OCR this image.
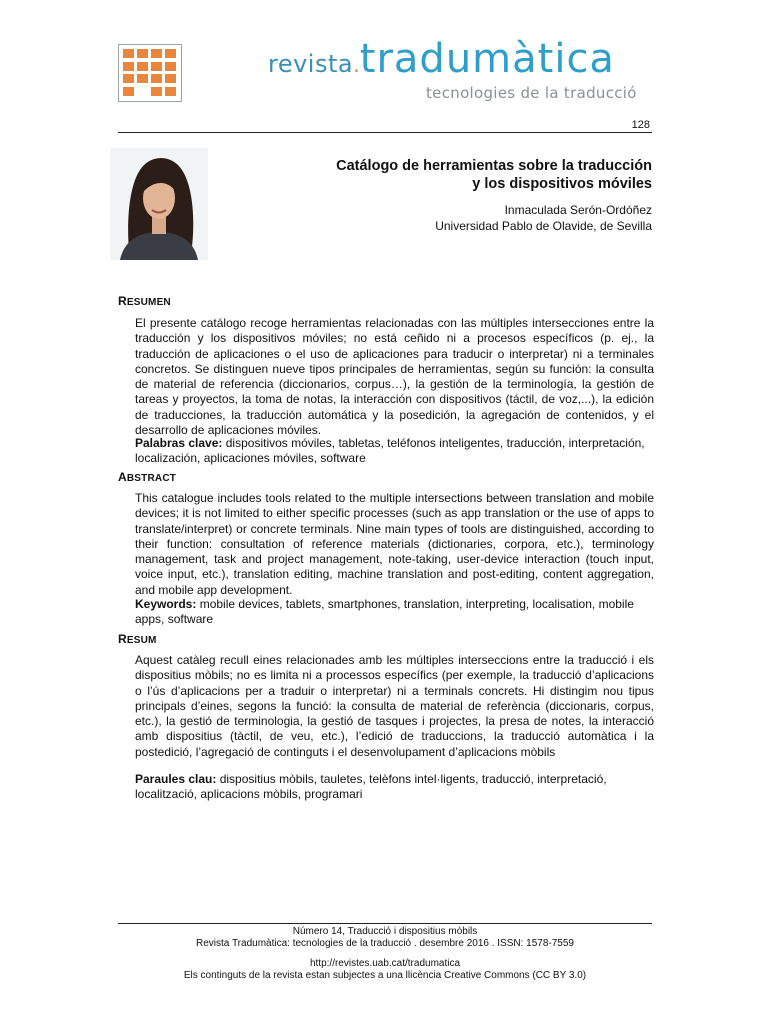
revista.tradumàtica
tecnologies de la traducció
128
Catálogo de herramientas sobre la traducción
y los dispositivos móviles
Inmaculada Serón-Ordóñez
Universidad Pablo de Olavide, de Sevilla
RESUMEN
El presente catálogo recoge herramientas relacionadas con las múltiples intersecciones entre la traducción y los dispositivos móviles; no está ceñido ni a procesos específicos (p. ej., la traducción de aplicaciones o el uso de aplicaciones para traducir o interpretar) ni a terminales concretos. Se distinguen nueve tipos principales de herramientas, según su función: la consulta de material de referencia (diccionarios, corpus…), la gestión de la terminología, la gestión de tareas y proyectos, la toma de notas, la interacción con dispositivos (táctil, de voz,...), la edición de traducciones, la traducción automática y la posedición, la agregación de contenidos, y el desarrollo de aplicaciones móviles.
Palabras clave: dispositivos móviles, tabletas, teléfonos inteligentes, traducción, interpretación, localización, aplicaciones móviles, software
ABSTRACT
This catalogue includes tools related to the multiple intersections between translation and mobile devices; it is not limited to either specific processes (such as app translation or the use of apps to translate/interpret) or concrete terminals. Nine main types of tools are distinguished, according to their function: consultation of reference materials (dictionaries, corpora, etc.), terminology management, task and project management, note-taking, user-device interaction (touch input, voice input, etc.), translation editing, machine translation and post-editing, content aggregation, and mobile app development.
Keywords: mobile devices, tablets, smartphones, translation, interpreting, localisation, mobile apps, software
RESUM
Aquest catàleg recull eines relacionades amb les múltiples interseccions entre la traducció i els dispositius mòbils; no es limita ni a processos específics (per exemple, la traducció d’aplicacions o l’ús d’aplicacions per a traduir o interpretar) ni a terminals concrets. Hi distingim nou tipus principals d’eines, segons la funció: la consulta de material de referència (diccionaris, corpus, etc.), la gestió de terminologia, la gestió de tasques i projectes, la presa de notes, la interacció amb dispositius (tàctil, de veu, etc.), l’edició de traduccions, la traducció automàtica i la postedició, l’agregació de continguts i el desenvolupament d’aplicacions mòbils
Paraules clau: dispositius mòbils, tauletes, telèfons intel·ligents, traducció, interpretació, localització, aplicacions mòbils, programari
Número 14, Traducció i dispositius mòbils
Revista Tradumàtica: tecnologies de la traducció . desembre 2016 . ISSN: 1578-7559
http://revistes.uab.cat/tradumatica
Els continguts de la revista estan subjectes a una llicència Creative Commons (CC BY 3.0)
